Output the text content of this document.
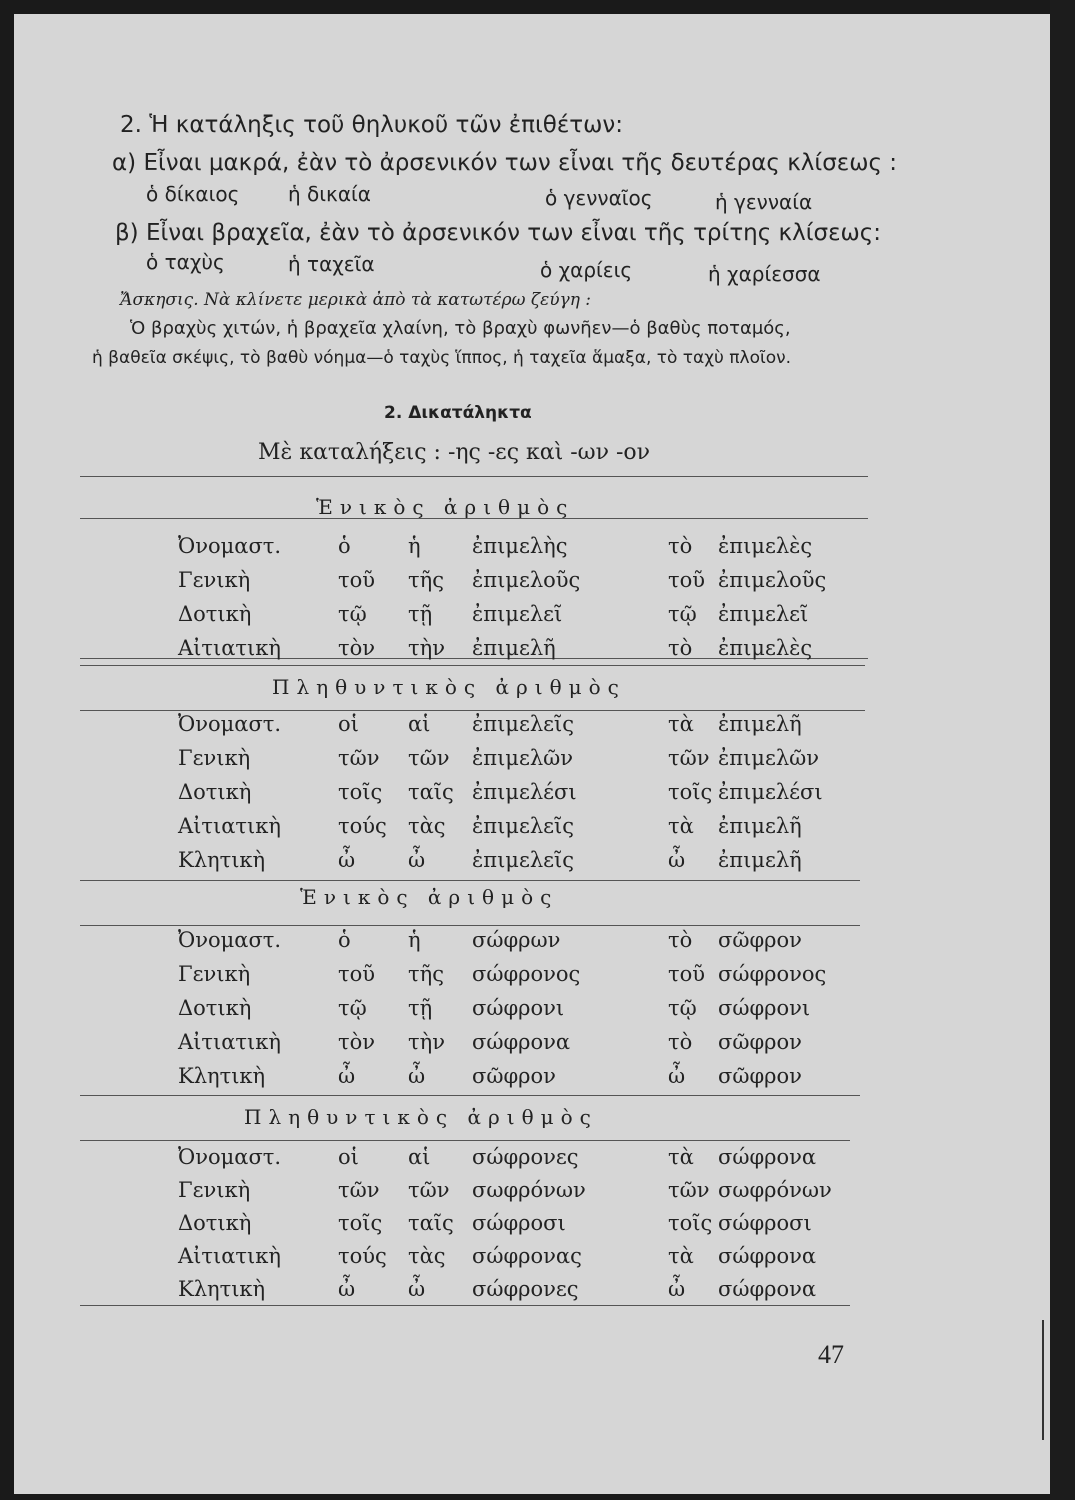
2. Ἡ κατάληξις τοῦ θηλυκοῦ τῶν ἐπιθέτων:
α) Εἶναι μακρά, ἐὰν τὸ ἀρσενικόν των εἶναι τῆς δευτέρας κλίσεως :
ὁ δίκαιος ἡ δικαία	ὁ γενναῖος	ἡ γενναία
β) Εἶναι βραχεῖα, ἐὰν τὸ ἀρσενικόν των εἶναι τῆς τρίτης κλίσεως:
ὁ ταχὺς	ἡ ταχεῖα	ὁ χαρίεις	ἡ χαρίεσσα
Ἄσκησις. Νὰ κλίνετε μερικὰ ἀπὸ τὰ κατωτέρω ζεύγη :
Ὁ βραχὺς χιτών, ἡ βραχεῖα χλαίνη, τὸ βραχὺ φωνῆεν—ὁ βαθὺς ποταμός,
ἡ βαθεῖα σκέψις, τὸ βαθὺ νόημα—ὁ ταχὺς ἵππος, ἡ ταχεῖα ἅμαξα, τὸ ταχὺ πλοῖον.
2. Δικατάληκτα
Μὲ καταλήξεις : -ης -ες καὶ -ων -ον
Ἑνικὸς ἀριθμὸς
Ὀνομαστ.	ὁ	ἡ ἐπιμελὴς	τὸ ἐπιμελὲς
Γενικὴ	τοῦ τῆς ἐπιμελοῦς	τοῦ ἐπιμελοῦς
Δοτικὴ	τῷ τῇ ἐπιμελεῖ	τῷ ἐπιμελεῖ
Αἰτιατικὴ	τὸν τὴν ἐπιμελῆ	τὸ ἐπιμελὲς
Πληθυντικὸς ἀριθμὸς
Ὀνομαστ.	οἱ αἱ ἐπιμελεῖς	τὰ ἐπιμελῆ
Γενικὴ	τῶν τῶν ἐπιμελῶν	τῶν ἐπιμελῶν
Δοτικὴ	τοῖς ταῖς ἐπιμελέσι	τοῖς ἐπιμελέσι
Αἰτιατικὴ	τούς τὰς ἐπιμελεῖς	τὰ ἐπιμελῆ
Κλητικὴ	ὦ	ὦ ἐπιμελεῖς	ὦ ἐπιμελῆ
Ἑνικὸς ἀριθμὸς
Ὀνομαστ.	ὁ	ἡ σώφρων	τὸ σῶφρον
Γενικὴ	τοῦ τῆς σώφρονος	τοῦ σώφρονος
Δοτικὴ	τῷ τῇ σώφρονι	τῷ σώφρονι
Αἰτιατικὴ	τὸν τὴν σώφρονα	τὸ σῶφρον
Κλητικὴ	ὦ	ὦ σῶφρον	ὦ σῶφρον
Πληθυντικὸς ἀριθμὸς
Ὀνομαστ.	οἱ αἱ σώφρονες	τὰ σώφρονα
Γενικὴ	τῶν τῶν σωφρόνων	τῶν σωφρόνων
Δοτικὴ	τοῖς ταῖς σώφροσι	τοῖς σώφροσι
Αἰτιατικὴ	τούς τὰς σώφρονας	τὰ σώφρονα
Κλητικὴ	ὦ	ὦ σώφρονες	ὦ σώφρονα
47
